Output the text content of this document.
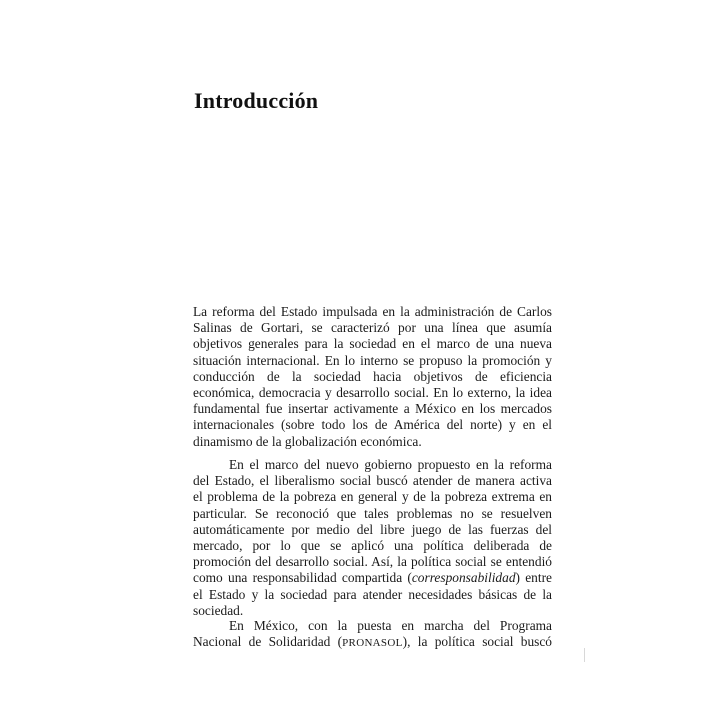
Introducción
La reforma del Estado impulsada en la administración de Carlos
Salinas de Gortari, se caracterizó por una línea que asumía
objetivos generales para la sociedad en el marco de una nueva
situación internacional. En lo interno se propuso la promoción y
conducción de la sociedad hacia objetivos de eficiencia
económica, democracia y desarrollo social. En lo externo, la idea
fundamental fue insertar activamente a México en los mercados
internacionales (sobre todo los de América del norte) y en el
dinamismo de la globalización económica.
En el marco del nuevo gobierno propuesto en la reforma
del Estado, el liberalismo social buscó atender de manera activa
el problema de la pobreza en general y de la pobreza extrema en
particular. Se reconoció que tales problemas no se resuelven
automáticamente por medio del libre juego de las fuerzas del
mercado, por lo que se aplicó una política deliberada de
promoción del desarrollo social. Así, la política social se entendió
como una responsabilidad compartida (corresponsabilidad) entre
el Estado y la sociedad para atender necesidades básicas de la
sociedad.
En México, con la puesta en marcha del Programa
Nacional de Solidaridad (PRONASOL), la política social buscó
